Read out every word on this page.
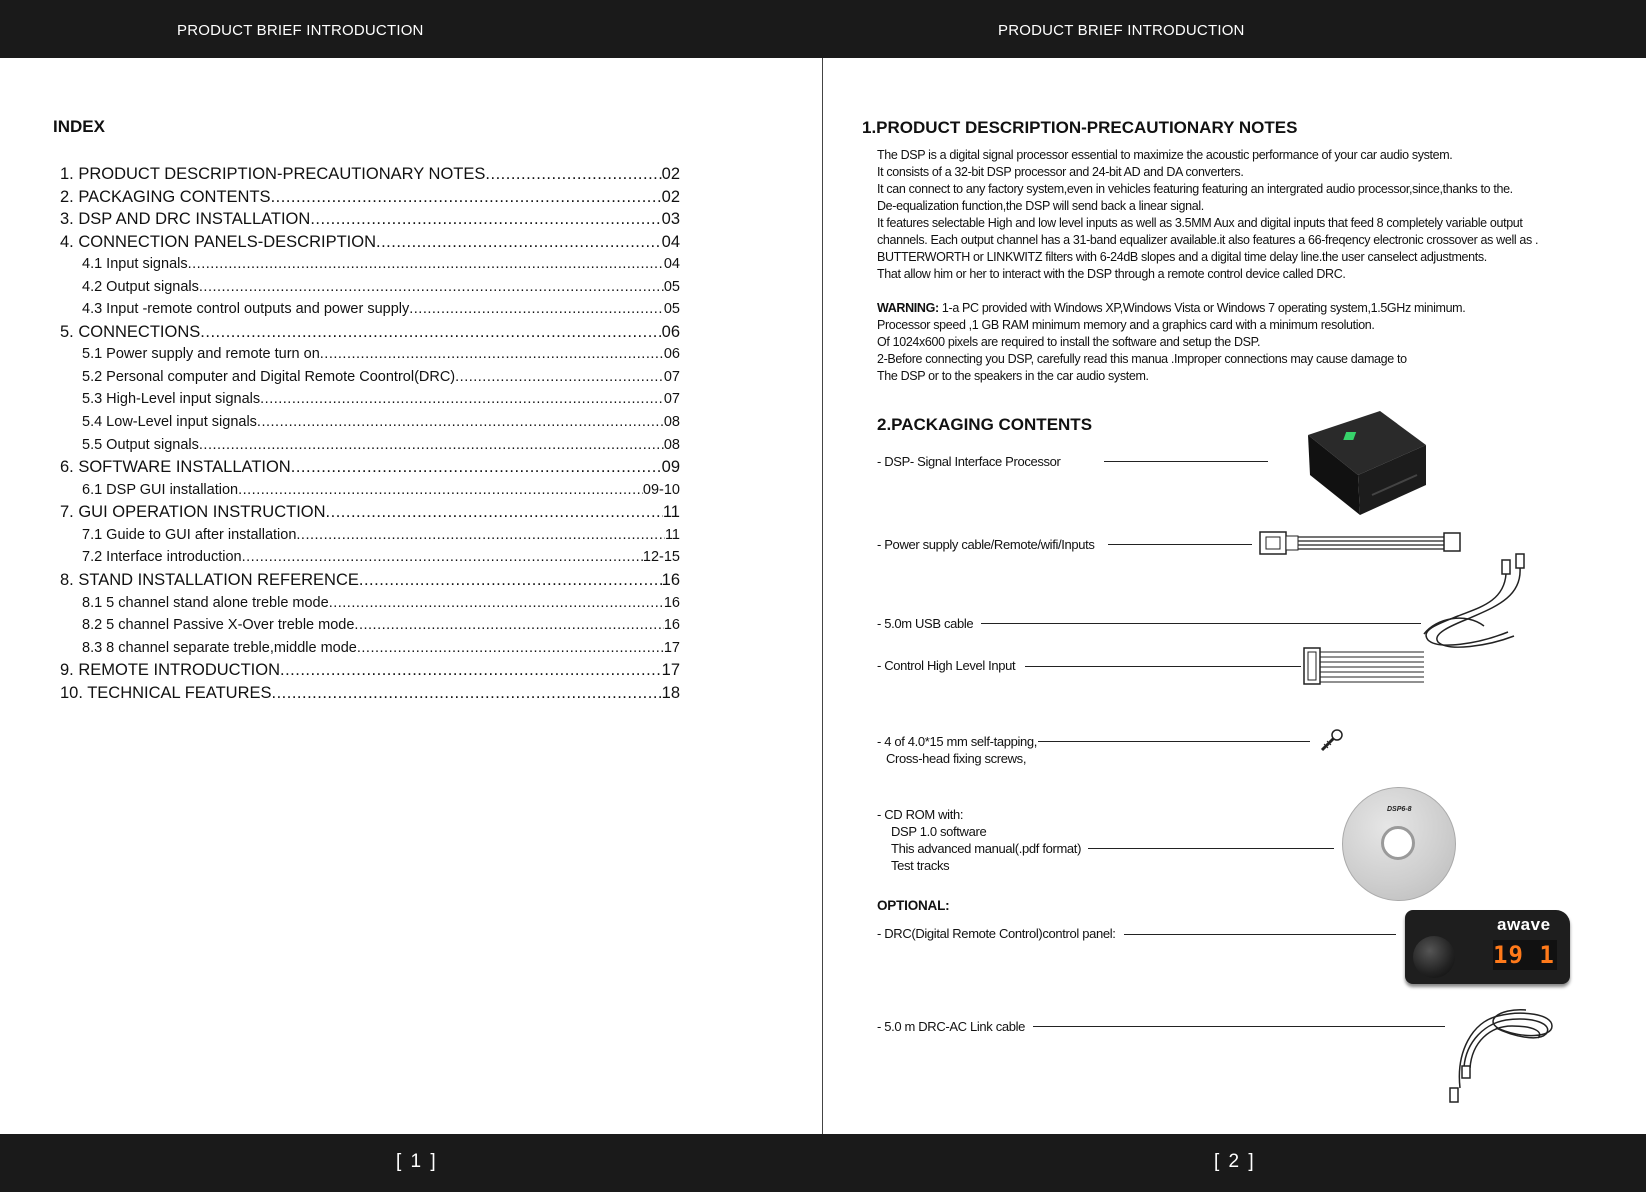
PRODUCT BRIEF INTRODUCTION	PRODUCT BRIEF INTRODUCTION
INDEX
1. PRODUCT DESCRIPTION-PRECAUTIONARY NOTES .....	02
2. PACKAGING CONTENTS .....	02
3. DSP AND DRC INSTALLATION .....	03
4. CONNECTION PANELS-DESCRIPTION .....	04
4.1 Input signals .....	04
4.2 Output signals .....	05
4.3 Input -remote control outputs and power supply .....	05
5. CONNECTIONS .....	06
5.1 Power supply and remote turn on .....	06
5.2 Personal computer and Digital Remote Coontrol(DRC) .....	07
5.3 High-Level input signals .....	07
5.4 Low-Level input signals .....	08
5.5 Output signals .....	08
6. SOFTWARE INSTALLATION .....	09
6.1 DSP GUI installation .....	09-10
7. GUI OPERATION INSTRUCTION .....	11
7.1 Guide to GUI after installation .....	11
7.2 Interface introduction .....	12-15
8. STAND INSTALLATION REFERENCE .....	16
8.1 5 channel stand alone treble mode .....	16
8.2 5 channel Passive X-Over treble mode .....	16
8.3 8 channel separate treble,middle mode .....	17
9. REMOTE INTRODUCTION .....	17
10. TECHNICAL FEATURES .....	18
1.PRODUCT DESCRIPTION-PRECAUTIONARY NOTES
The DSP is a digital signal processor essential to maximize the acoustic performance of your car audio system.
It consists of a 32-bit DSP processor and 24-bit AD and DA converters.
It can connect to any factory system,even in vehicles featuring featuring an intergrated audio processor,since,thanks to the.
De-equalization function,the DSP will send back a linear signal.
It features selectable High and low level inputs as well as 3.5MM Aux and digital inputs that feed 8 completely variable output
channels. Each output channel has a 31-band equalizer available.it also features a 66-freqency electronic crossover as well as .
BUTTERWORTH or LINKWITZ filters with 6-24dB slopes and a digital time delay line.the user canselect adjustments.
That allow him or her to interact with the DSP through a remote control device called DRC.
WARNING: 1-a PC provided with Windows XP,Windows Vista or Windows 7 operating system,1.5GHz minimum.
Processor speed ,1 GB RAM minimum memory and a graphics card with a minimum resolution.
Of 1024x600 pixels are required to install the software and setup the DSP.
2-Before connecting you DSP, carefully read this manua .Improper connections may cause damage to
The DSP or to the speakers in the car audio system.
2.PACKAGING CONTENTS
- DSP- Signal Interface Processor
- Power supply cable/Remote/wifi/Inputs
- 5.0m USB cable
- Control High Level Input
- 4 of 4.0*15 mm self-tapping,
Cross-head fixing screws,
- CD ROM with:
DSP 1.0 software
This advanced manual(.pdf format)
Test tracks
DSP6-8
OPTIONAL:
- DRC(Digital Remote Control)control panel:	awave
19 1
- 5.0 m DRC-AC Link cable
[ 1 ]	[ 2 ]
